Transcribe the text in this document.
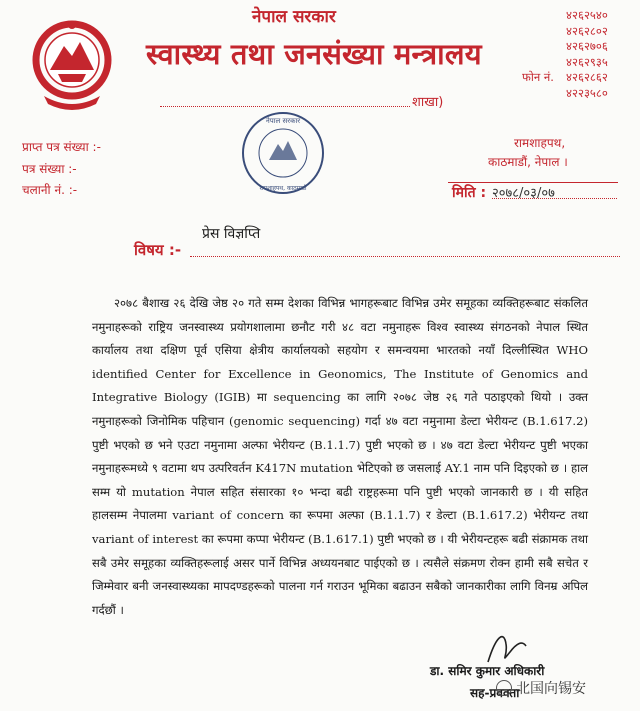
नेपाल सरकार
स्वास्थ्य तथा जनसंख्या मन्त्रालय
शाखा)
४२६२५४०
४२६२८०२
४२६२७०६
४२६२९३५
४२६२८६२
४२२३५८०
फोन नं.
प्राप्त पत्र संख्या :-
पत्र संख्या :-
चलानी नं. :-
नेपाल सरकार
रामशाहपथ, काठमाडौं
रामशाहपथ,
काठमाडौं, नेपाल ।
मिति : २०७८/०३/०७
प्रेस विज्ञप्ति
विषय :-
२०७८ बैशाख २६ देखि जेष्ठ २० गते सम्म देशका विभिन्न भागहरूबाट विभिन्न उमेर समूहका व्यक्तिहरूबाट संकलित नमुनाहरूको राष्ट्रिय जनस्वास्थ्य प्रयोगशालामा छनौट गरी ४८ वटा नमुनाहरू विश्व स्वास्थ्य संगठनको नेपाल स्थित कार्यालय तथा दक्षिण पूर्व एसिया क्षेत्रीय कार्यालयको सहयोग र समन्वयमा भारतको नयाँ दिल्लीस्थित WHO identified Center for Excellence in Geonomics, The Institute of Genomics and Integrative Biology (IGIB) मा sequencing का लागि २०७८ जेष्ठ २६ गते पठाइएको थियो । उक्त नमुनाहरूको जिनोमिक पहिचान (genomic sequencing) गर्दा ४७ वटा नमुनामा डेल्टा भेरीयन्ट (B.1.617.2) पुष्टी भएको छ भने एउटा नमुनामा अल्फा भेरीयन्ट (B.1.1.7) पुष्टी भएको छ । ४७ वटा डेल्टा भेरीयन्ट पुष्टी भएका नमुनाहरूमध्ये ९ वटामा थप उत्परिवर्तन K417N mutation भेटिएको छ जसलाई AY.1 नाम पनि दिइएको छ । हाल सम्म यो mutation नेपाल सहित संसारका १० भन्दा बढी राष्ट्रहरूमा पनि पुष्टी भएको जानकारी छ । यी सहित हालसम्म नेपालमा variant of concern का रूपमा अल्फा (B.1.1.7) र डेल्टा (B.1.617.2) भेरीयन्ट तथा variant of interest का रूपमा कप्पा भेरीयन्ट (B.1.617.1) पुष्टी भएको छ । यी भेरीयन्टहरू बढी संक्रामक तथा सबै उमेर समूहका व्यक्तिहरूलाई असर पार्ने विभिन्न अध्ययनबाट पाईएको छ । त्यसैले संक्रमण रोक्न हामी सबै सचेत र जिम्मेवार बनी जनस्वास्थ्यका मापदण्डहरूको पालना गर्न गराउन भूमिका बढाउन सबैको जानकारीका लागि विनम्र अपिल गर्दछौं ।
डा. समिर कुमार अधिकारी
सह-प्रवक्ता
北国向锡安
